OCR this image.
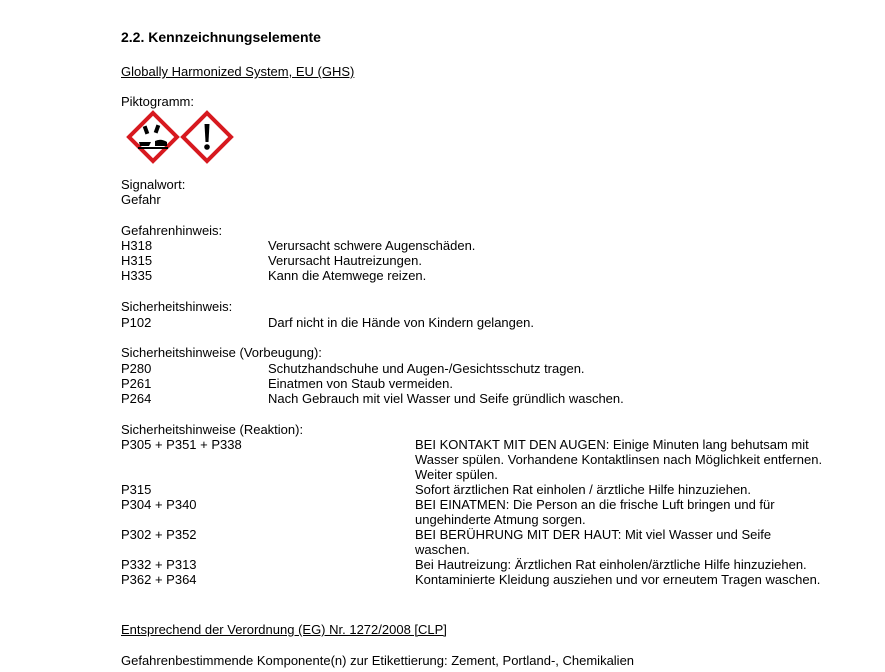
2.2. Kennzeichnungselemente
Globally Harmonized System, EU (GHS)
Piktogramm:
Signalwort:
Gefahr
Gefahrenhinweis:
H318	Verursacht schwere Augenschäden.
H315	Verursacht Hautreizungen.
H335	Kann die Atemwege reizen.
Sicherheitshinweis:
P102	Darf nicht in die Hände von Kindern gelangen.
Sicherheitshinweise (Vorbeugung):
P280	Schutzhandschuhe und Augen-/Gesichtsschutz tragen.
P261	Einatmen von Staub vermeiden.
P264	Nach Gebrauch mit viel Wasser und Seife gründlich waschen.
Sicherheitshinweise (Reaktion):
P305 + P351 + P338	BEI KONTAKT MIT DEN AUGEN: Einige Minuten lang behutsam mit Wasser spülen. Vorhandene Kontaktlinsen nach Möglichkeit entfernen. Weiter spülen.
P315	Sofort ärztlichen Rat einholen / ärztliche Hilfe hinzuziehen.
P304 + P340	BEI EINATMEN: Die Person an die frische Luft bringen und für ungehinderte Atmung sorgen.
P302 + P352	BEI BERÜHRUNG MIT DER HAUT: Mit viel Wasser und Seife waschen.
P332 + P313	Bei Hautreizung: Ärztlichen Rat einholen/ärztliche Hilfe hinzuziehen.
P362 + P364	Kontaminierte Kleidung ausziehen und vor erneutem Tragen waschen.
Entsprechend der Verordnung (EG) Nr. 1272/2008 [CLP]
Gefahrenbestimmende Komponente(n) zur Etikettierung: Zement, Portland-, Chemikalien
